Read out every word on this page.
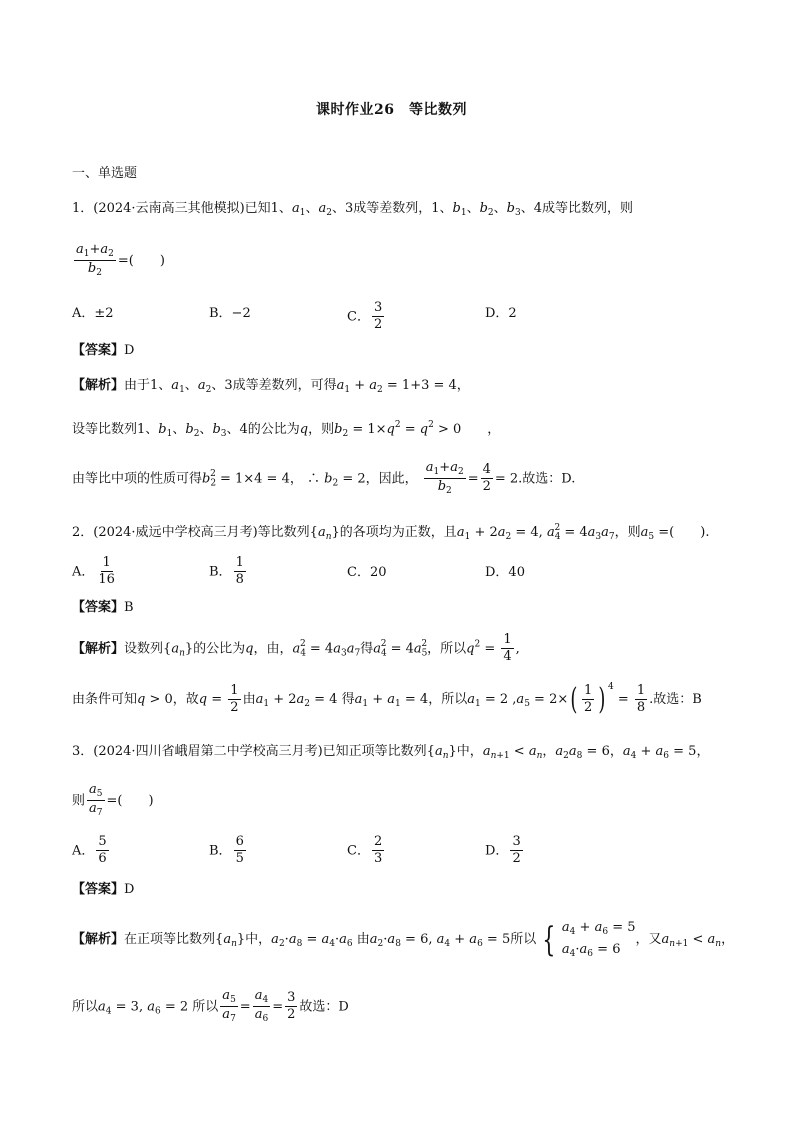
课时作业26　等比数列
一、单选题
1．(2024·云南高三其他模拟)已知1、$a_1$、$a_2$、3成等差数列，1、$b_1$、$b_2$、$b_3$、4成等比数列，则
$\frac{a_1+a_2}{b_2}$ =(　　)
A．±2	B．−2	C． $\frac{3}{2}$	D．2
【答案】D
【解析】由于1、$a_1$、$a_2$、3成等差数列，可得$a_1 + a_2 = 1+3 = 4$，
设等比数列1、$b_1$、$b_2$、$b_3$、4的公比为q，则$b_2 = 1\times q^2 = q^2 > 0$　　，
由等比中项的性质可得$b_2^2 = 1\times 4 = 4$， ∴ $b_2 = 2$，因此， $\frac{a_1+a_2}{b_2} = \frac{4}{2} = 2$.故选：D.
2．(2024·威远中学校高三月考)等比数列$\{a_n\}$的各项均为正数，且$a_1 + 2a_2 = 4$, $a_4^2 = 4a_3a_7$，则$a_5$ =(　　).
A． $\frac{1}{16}$	B． $\frac{1}{8}$	C．20	D．40
【答案】B
【解析】设数列$\{a_n\}$的公比为q，由，$a_4^2 = 4a_3a_7$得$a_4^2 = 4a_5^2$，所以$q^2 = \frac{1}{4}$ ,
由条件可知q > 0，故$q = \frac{1}{2}$ 由$a_1 + 2a_2 = 4$ 得$a_1 + a_1 = 4$，所以$a_1 = 2$ $,a_5 = 2\times$ ( $\frac{1}{2}$ ) $^4 = \frac{1}{8}$ .故选：B
3．(2024·四川省峨眉第二中学校高三月考)已知正项等比数列$\{a_n\}$中，$a_{n+1} < a_n$，$a_2a_8 = 6$，$a_4 + a_6 = 5$，
则 $\frac{a_5}{a_7}$ =(　　)
A． $\frac{5}{6}$	B． $\frac{6}{5}$	C． $\frac{2}{3}$	D． $\frac{3}{2}$
【答案】D
【解析】在正项等比数列$\{a_n\}$中，$a_2\cdot a_8 = a_4\cdot a_6$ 由$a_2\cdot a_8 = 6$, $a_4 + a_6 = 5$所以 { $a_4 + a_6 = 5$
$a_4\cdot a_6 = 6$
，又$a_{n+1} < a_n$，
所以$a_4 = 3$, $a_6 = 2$ 所以 $\frac{a_5}{a_7} = \frac{a_4}{a_6} = \frac{3}{2}$ 故选：D
